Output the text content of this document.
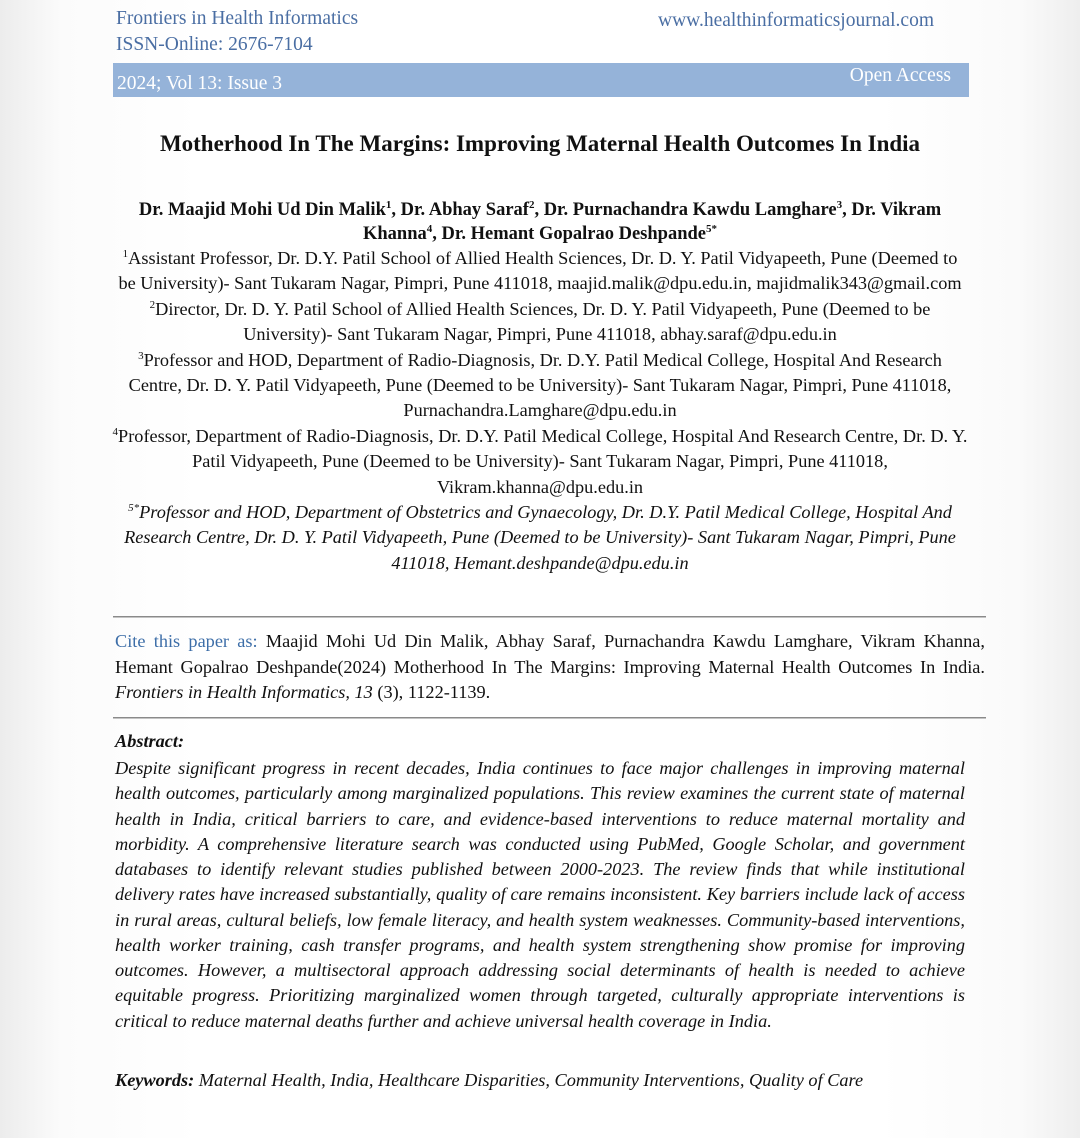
Frontiers in Health Informatics
ISSN-Online: 2676-7104
www.healthinformaticsjournal.com
2024; Vol 13: Issue 3	Open Access
Motherhood In The Margins: Improving Maternal Health Outcomes In India
Dr. Maajid Mohi Ud Din Malik$^1$, Dr. Abhay Saraf$^2$, Dr. Purnachandra Kawdu Lamghare$^3$, Dr. Vikram Khanna$^4$, Dr. Hemant Gopalrao Deshpande$^{5*}$

$^1$Assistant Professor, Dr. D.Y. Patil School of Allied Health Sciences, Dr. D. Y. Patil Vidyapeeth, Pune (Deemed to be University)- Sant Tukaram Nagar, Pimpri, Pune 411018, maajid.malik@dpu.edu.in, majidmalik343@gmail.com

$^2$Director, Dr. D. Y. Patil School of Allied Health Sciences, Dr. D. Y. Patil Vidyapeeth, Pune (Deemed to be University)- Sant Tukaram Nagar, Pimpri, Pune 411018, abhay.saraf@dpu.edu.in

$^3$Professor and HOD, Department of Radio-Diagnosis, Dr. D.Y. Patil Medical College, Hospital And Research Centre, Dr. D. Y. Patil Vidyapeeth, Pune (Deemed to be University)- Sant Tukaram Nagar, Pimpri, Pune 411018, Purnachandra.Lamghare@dpu.edu.in

$^4$Professor, Department of Radio-Diagnosis, Dr. D.Y. Patil Medical College, Hospital And Research Centre, Dr. D. Y. Patil Vidyapeeth, Pune (Deemed to be University)- Sant Tukaram Nagar, Pimpri, Pune 411018, Vikram.khanna@dpu.edu.in

$^{5*}$Professor and HOD, Department of Obstetrics and Gynaecology, Dr. D.Y. Patil Medical College, Hospital And Research Centre, Dr. D. Y. Patil Vidyapeeth, Pune (Deemed to be University)- Sant Tukaram Nagar, Pimpri, Pune 411018, Hemant.deshpande@dpu.edu.in

Cite this paper as: Maajid Mohi Ud Din Malik, Abhay Saraf, Purnachandra Kawdu Lamghare, Vikram Khanna, Hemant Gopalrao Deshpande(2024) Motherhood In The Margins: Improving Maternal Health Outcomes In India. Frontiers in Health Informatics, 13 (3), 1122-1139.
Abstract:
Despite significant progress in recent decades, India continues to face major challenges in improving maternal health outcomes, particularly among marginalized populations. This review examines the current state of maternal health in India, critical barriers to care, and evidence-based interventions to reduce maternal mortality and morbidity. A comprehensive literature search was conducted using PubMed, Google Scholar, and government databases to identify relevant studies published between 2000-2023. The review finds that while institutional delivery rates have increased substantially, quality of care remains inconsistent. Key barriers include lack of access in rural areas, cultural beliefs, low female literacy, and health system weaknesses. Community-based interventions, health worker training, cash transfer programs, and health system strengthening show promise for improving outcomes. However, a multisectoral approach addressing social determinants of health is needed to achieve equitable progress. Prioritizing marginalized women through targeted, culturally appropriate interventions is critical to reduce maternal deaths further and achieve universal health coverage in India.
Keywords: Maternal Health, India, Healthcare Disparities, Community Interventions, Quality of Care
